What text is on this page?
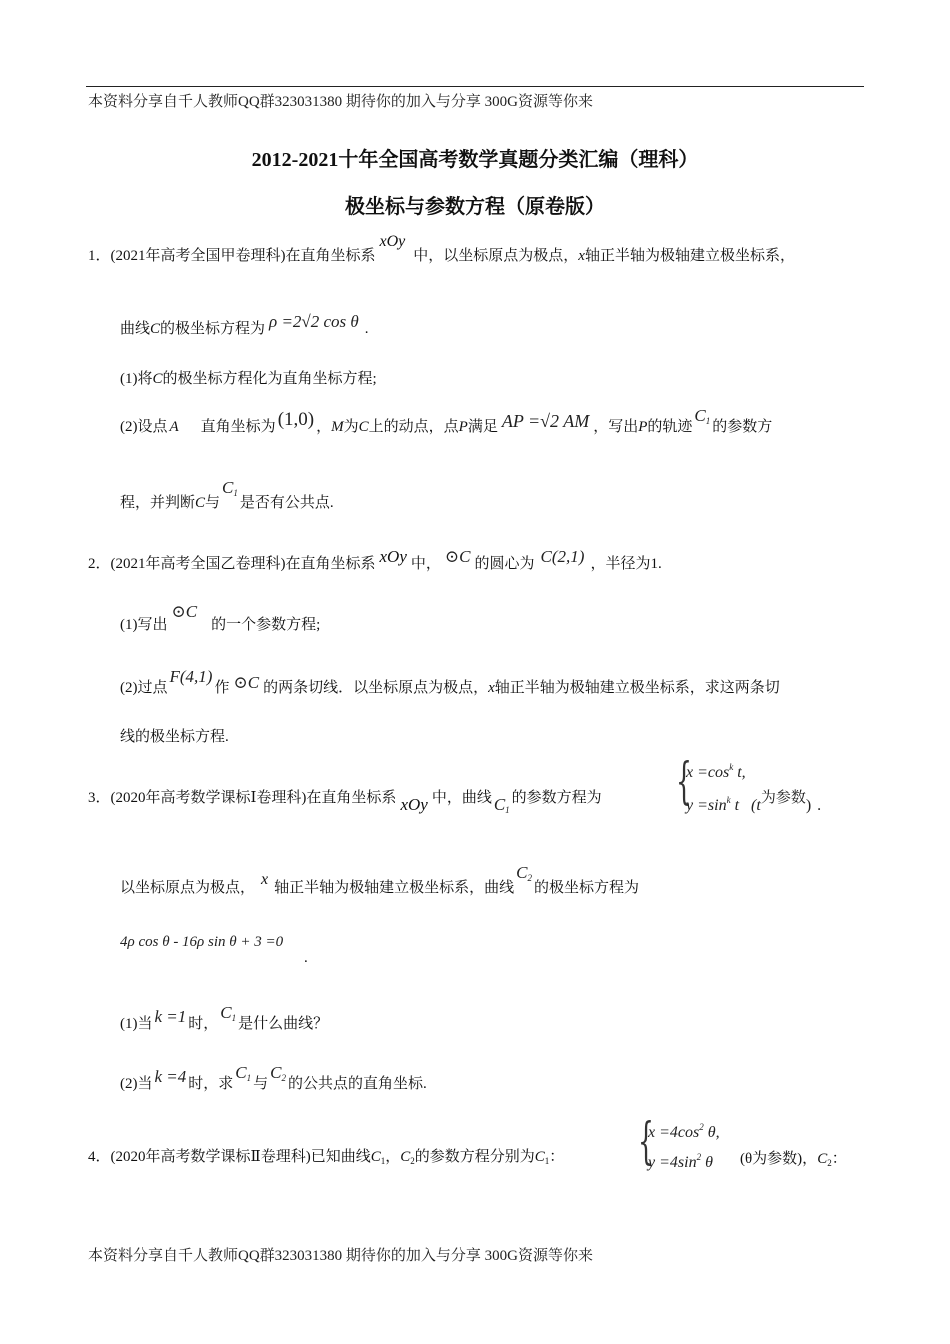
本资料分享自千人教师QQ群323031380 期待你的加入与分享 300G资源等你来
2012-2021十年全国高考数学真题分类汇编（理科）
极坐标与参数方程（原卷版）
1．(2021年高考全国甲卷理科)在直角坐标系xOy中，以坐标原点为极点，x轴正半轴为极轴建立极坐标系，
曲线C的极坐标方程为 ρ =2√2 cos θ .
(1)将C的极坐标方程化为直角坐标方程;
(2)设点 A 直角坐标为 (1,0) ，M为C上的动点，点P满足 AP =√2 AM ，写出P的轨迹$C_1$ 的参数方
程，并判断C与$C_1$是否有公共点.
2．(2021年高考全国乙卷理科)在直角坐标系 xOy 中， ⊙C 的圆心为 C(2,1) ，半径为1.
(1)写出⊙C的一个参数方程;
(2)过点F(4,1)作 ⊙C 的两条切线．以坐标原点为极点，x轴正半轴为极轴建立极坐标系，求这两条切
线的极坐标方程.
3．(2020年高考数学课标Ⅰ卷理科)在直角坐标系 xOy 中，曲线 $C_1$的参数方程为 {
$x =\cos^k$ t,
$y =\sin^k$ t (t为参数) .
以坐标原点为极点， x 轴正半轴为极轴建立极坐标系，曲线$C_2$的极坐标方程为
4ρ cos θ - 16ρ sin θ + 3 =0
.
(1)当 k =1 时，$C_1$ 是什么曲线？
(2)当 k =4 时，求$C_1$ 与$C_2$ 的公共点的直角坐标.
4．(2020年高考数学课标Ⅱ卷理科)已知曲线$C_1$，$C_2$的参数方程分别为$C_1$： {
$x =4\cos^2$ θ,
$y =4\sin^2$ θ (θ为参数)，$C_2$：
本资料分享自千人教师QQ群323031380 期待你的加入与分享 300G资源等你来
